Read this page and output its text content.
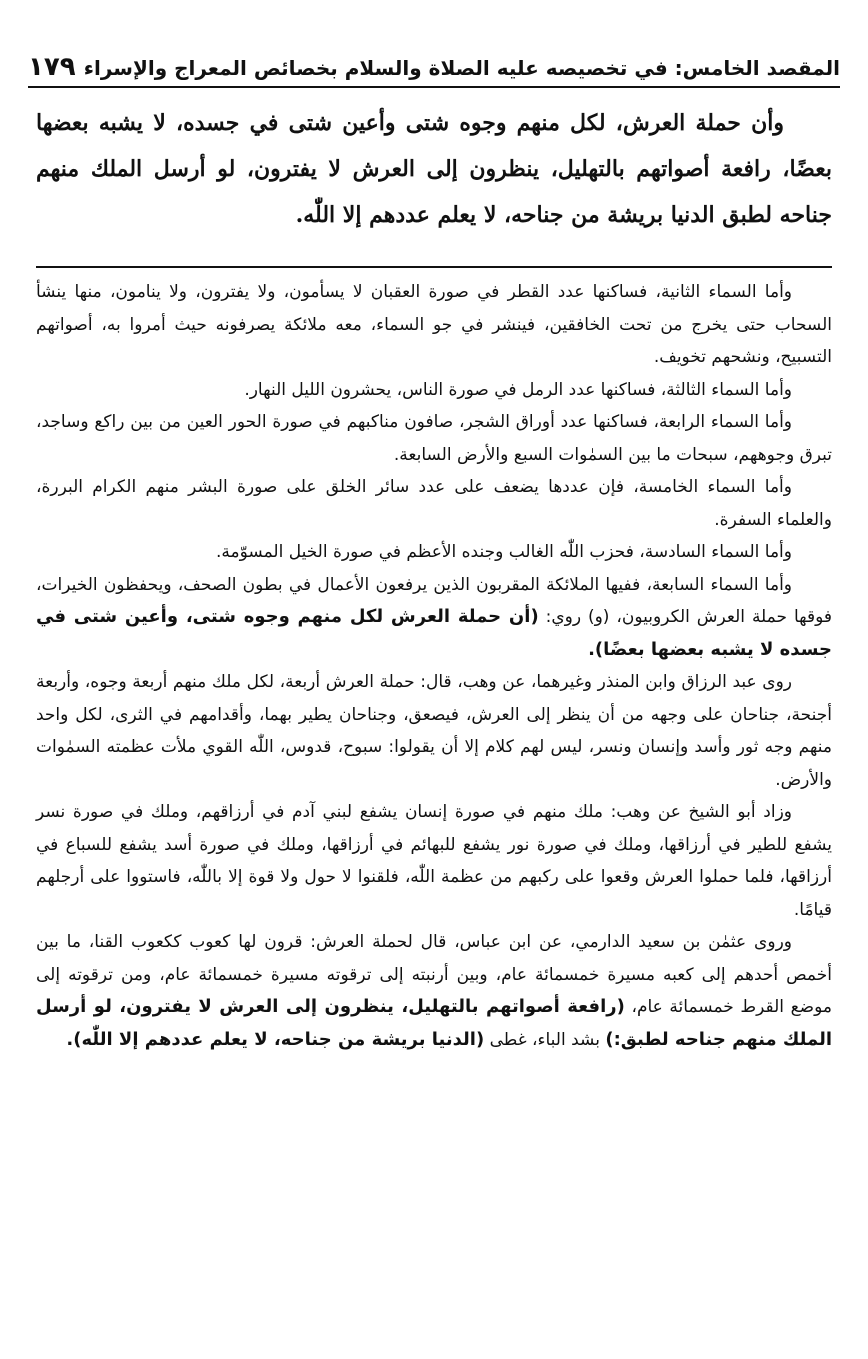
المقصد الخامس: في تخصيصه عليه الصلاة والسلام بخصائص المعراج والإسراء
١٧٩

وأن حملة العرش، لكل منهم وجوه شتى وأعين شتى في جسده، لا يشبه بعضها بعضًا، رافعة أصواتهم بالتهليل، ينظرون إلى العرش لا يفترون، لو أرسل الملك منهم جناحه لطبق الدنيا بريشة من جناحه، لا يعلم عددهم إلا اللّٰه.

وأما السماء الثانية، فساكنها عدد القطر في صورة العقبان لا يسأمون، ولا يفترون، ولا ينامون، منها ينشأ السحاب حتى يخرج من تحت الخافقين، فينشر في جو السماء، معه ملائكة يصرفونه حيث أمروا به، أصواتهم التسبيح، ونشحهم تخويف.

وأما السماء الثالثة، فساكنها عدد الرمل في صورة الناس، يحشرون الليل النهار.

وأما السماء الرابعة، فساكنها عدد أوراق الشجر، صافون مناكبهم في صورة الحور العين من بين راكع وساجد، تبرق وجوههم، سبحات ما بين السمٰوات السبع والأرض السابعة.

وأما السماء الخامسة، فإن عددها يضعف على عدد سائر الخلق على صورة البشر منهم الكرام البررة، والعلماء السفرة.

وأما السماء السادسة، فحزب اللّٰه الغالب وجنده الأعظم في صورة الخيل المسوّمة.

وأما السماء السابعة، ففيها الملائكة المقربون الذين يرفعون الأعمال في بطون الصحف، ويحفظون الخيرات، فوقها حملة العرش الكروبيون، (و) روي: (أن حملة العرش لكل منهم وجوه شتى، وأعين شتى في جسده لا يشبه بعضها بعضًا).

روى عبد الرزاق وابن المنذر وغيرهما، عن وهب، قال: حملة العرش أربعة، لكل ملك منهم أربعة وجوه، وأربعة أجنحة، جناحان على وجهه من أن ينظر إلى العرش، فيصعق، وجناحان يطير بهما، وأقدامهم في الثرى، لكل واحد منهم وجه ثور وأسد وإنسان ونسر، ليس لهم كلام إلا أن يقولوا: سبوح، قدوس، اللّٰه القوي ملأت عظمته السمٰوات والأرض.

وزاد أبو الشيخ عن وهب: ملك منهم في صورة إنسان يشفع لبني آدم في أرزاقهم، وملك في صورة نسر يشفع للطير في أرزاقها، وملك في صورة نور يشفع للبهائم في أرزاقها، وملك في صورة أسد يشفع للسباع في أرزاقها، فلما حملوا العرش وقعوا على ركبهم من عظمة اللّٰه، فلقنوا لا حول ولا قوة إلا باللّٰه، فاستووا على أرجلهم قيامًا.

وروى عثمٰن بن سعيد الدارمي، عن ابن عباس، قال لحملة العرش: قرون لها كعوب ككعوب القنا، ما بين أخمص أحدهم إلى كعبه مسيرة خمسمائة عام، وبين أرنبته إلى ترقوته مسيرة خمسمائة عام، ومن ترقوته إلى موضع القرط خمسمائة عام، (رافعة أصواتهم بالتهليل، ينظرون إلى العرش لا يفترون، لو أرسل الملك منهم جناحه لطبق:) بشد الباء، غطى (الدنيا بريشة من جناحه، لا يعلم عددهم إلا اللّٰه).
